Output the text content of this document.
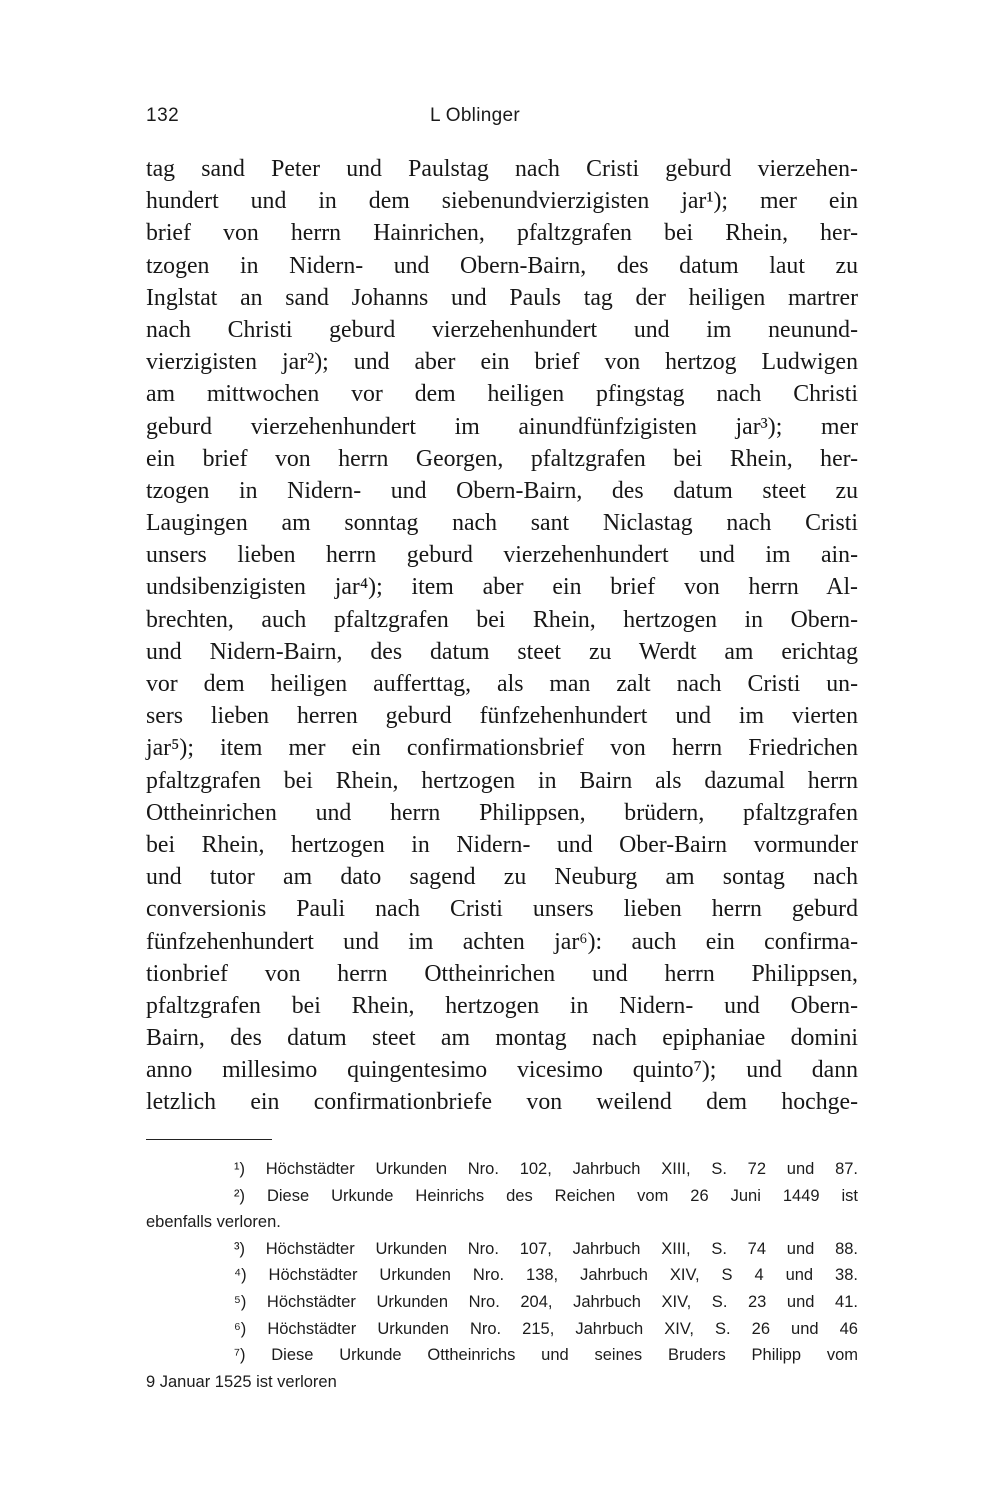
132	L Oblinger
tag sand Peter und Paulstag nach Cristi geburd vierzehen-
hundert und in dem siebenundvierzigisten jar¹); mer ein
brief von herrn Hainrichen, pfaltzgrafen bei Rhein, her-
tzogen in Nidern- und Obern-Bairn, des datum laut zu
Inglstat an sand Johanns und Pauls tag der heiligen martrer
nach Christi geburd vierzehenhundert und im neunund-
vierzigisten jar²); und aber ein brief von hertzog Ludwigen
am mittwochen vor dem heiligen pfingstag nach Christi
geburd vierzehenhundert im ainundfünfzigisten jar³); mer
ein brief von herrn Georgen, pfaltzgrafen bei Rhein, her-
tzogen in Nidern- und Obern-Bairn, des datum steet zu
Laugingen am sonntag nach sant Niclastag nach Cristi
unsers lieben herrn geburd vierzehenhundert und im ain-
undsibenzigisten jar⁴); item aber ein brief von herrn Al-
brechten, auch pfaltzgrafen bei Rhein, hertzogen in Obern-
und Nidern-Bairn, des datum steet zu Werdt am erichtag
vor dem heiligen aufferttag, als man zalt nach Cristi un-
sers lieben herren geburd fünfzehenhundert und im vierten
jar⁵); item mer ein confirmationsbrief von herrn Friedrichen
pfaltzgrafen bei Rhein, hertzogen in Bairn als dazumal herrn
Ottheinrichen und herrn Philippsen, brüdern, pfaltzgrafen
bei Rhein, hertzogen in Nidern- und Ober-Bairn vormunder
und tutor am dato sagend zu Neuburg am sontag nach
conversionis Pauli nach Cristi unsers lieben herrn geburd
fünfzehenhundert und im achten jar⁶): auch ein confirma-
tionbrief von herrn Ottheinrichen und herrn Philippsen,
pfaltzgrafen bei Rhein, hertzogen in Nidern- und Obern-
Bairn, des datum steet am montag nach epiphaniae domini
anno millesimo quingentesimo vicesimo quinto⁷); und dann
letzlich ein confirmationbriefe von weilend dem hochge-
¹) Höchstädter Urkunden Nro. 102, Jahrbuch XIII, S. 72 und 87.
²) Diese Urkunde Heinrichs des Reichen vom 26 Juni 1449 ist
ebenfalls verloren.
³) Höchstädter Urkunden Nro. 107, Jahrbuch XIII, S. 74 und 88.
⁴) Höchstädter Urkunden Nro. 138, Jahrbuch XIV, S 4 und 38.
⁵) Höchstädter Urkunden Nro. 204, Jahrbuch XIV, S. 23 und 41.
⁶) Höchstädter Urkunden Nro. 215, Jahrbuch XIV, S. 26 und 46
⁷) Diese Urkunde Ottheinrichs und seines Bruders Philipp vom
9 Januar 1525 ist verloren
